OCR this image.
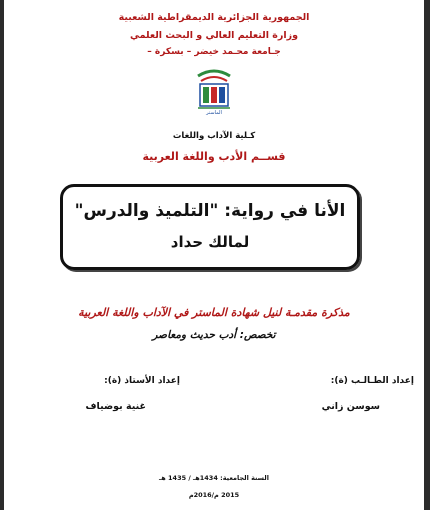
الجمهورية الجزائرية الديمقراطية الشعبية
وزارة التعليم العالي و البحث العلمي
جـامعة محـمد خيضر – بسكرة –
الماستر
كـلية الآداب واللغات
قســم الأدب واللغة العربية
الأنا في رواية: "التلميذ والدرس"
لمالك حداد
مذكرة مقدمـة لنيل شهادة الماستر في الآداب واللغة العربية
تخصص: أدب حديث ومعاصر
إعداد الطـالـب (ة):
إعداد الأستاذ (ة):
سوسن زاني
غنية بوضياف
السنة الجامعية: 1434هـ / 1435 هـ
2015 م/2016م
